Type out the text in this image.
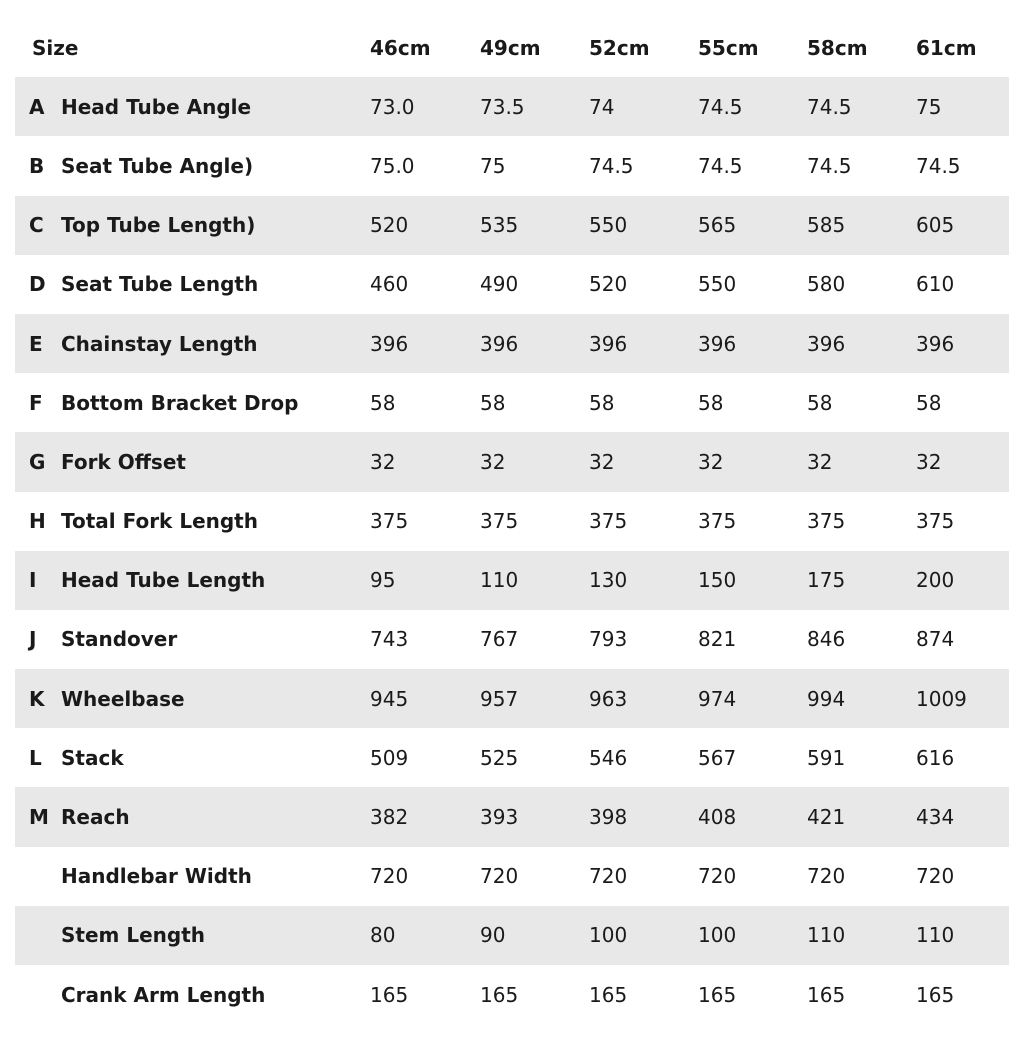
Size		46cm	49cm	52cm	55cm	58cm	61cm
A	Head Tube Angle	73.0	73.5	74	74.5	74.5	75
B	Seat Tube Angle)	75.0	75	74.5	74.5	74.5	74.5
C	Top Tube Length)	520	535	550	565	585	605
D	Seat Tube Length	460	490	520	550	580	610
E	Chainstay Length	396	396	396	396	396	396
F	Bottom Bracket Drop	58	58	58	58	58	58
G	Fork Offset	32	32	32	32	32	32
H	Total Fork Length	375	375	375	375	375	375
I	Head Tube Length	95	110	130	150	175	200
J	Standover	743	767	793	821	846	874
K	Wheelbase	945	957	963	974	994	1009
L	Stack	509	525	546	567	591	616
M	Reach	382	393	398	408	421	434
	Handlebar Width	720	720	720	720	720	720
	Stem Length	80	90	100	100	110	110
	Crank Arm Length	165	165	165	165	165	165
